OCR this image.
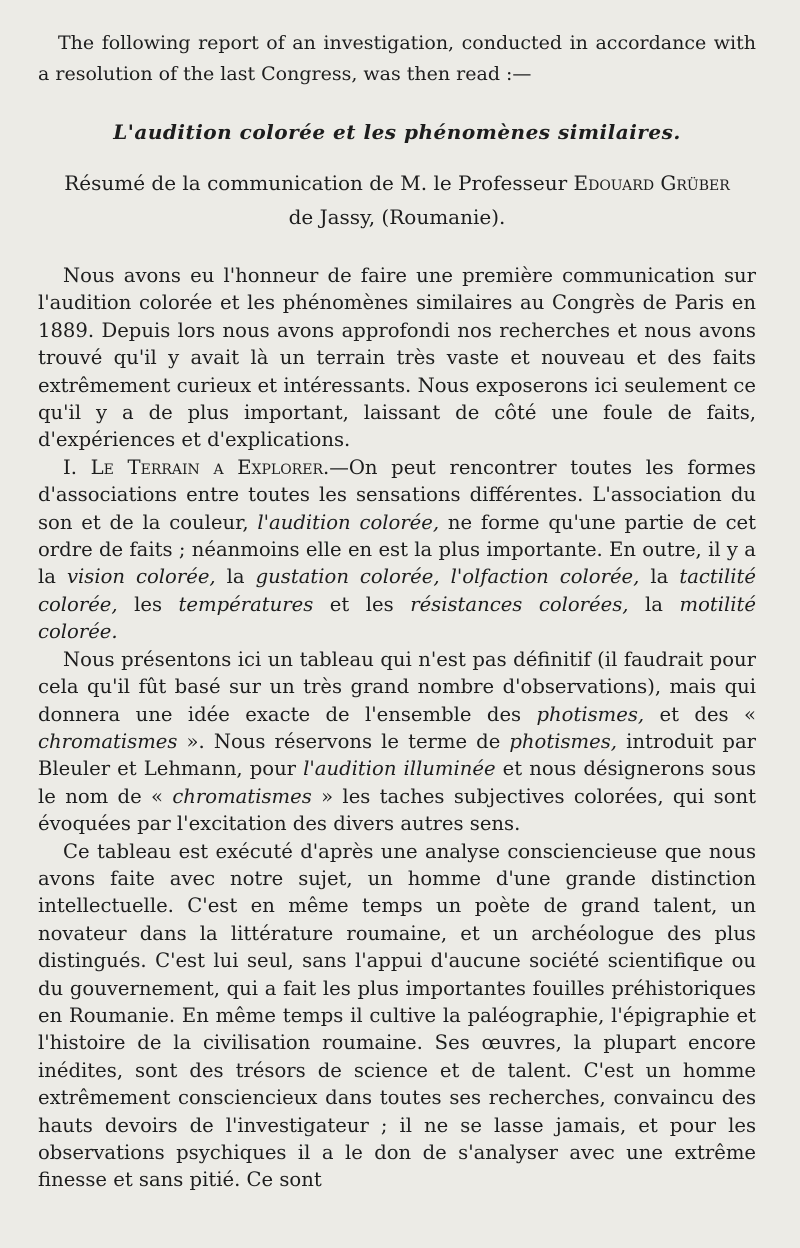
The following report of an investigation, conducted in accordance with a resolution of the last Congress, was then read :—

L'audition colorée et les phénomènes similaires.
Résumé de la communication de M. le Professeur Edouard Grüber
de Jassy, (Roumanie).

Nous avons eu l'honneur de faire une première communication sur l'audition colorée et les phénomènes similaires au Congrès de Paris en 1889. Depuis lors nous avons approfondi nos recherches et nous avons trouvé qu'il y avait là un terrain très vaste et nouveau et des faits extrêmement curieux et intéressants. Nous exposerons ici seulement ce qu'il y a de plus important, laissant de côté une foule de faits, d'expériences et d'explications.

I. Le Terrain a Explorer.—On peut rencontrer toutes les formes d'associations entre toutes les sensations différentes. L'association du son et de la couleur, l'audition colorée, ne forme qu'une partie de cet ordre de faits ; néanmoins elle en est la plus importante. En outre, il y a la vision colorée, la gustation colorée, l'olfaction colorée, la tactilité colorée, les températures et les résistances colorées, la motilité colorée.

Nous présentons ici un tableau qui n'est pas définitif (il faudrait pour cela qu'il fût basé sur un très grand nombre d'observations), mais qui donnera une idée exacte de l'ensemble des photismes, et des « chromatismes ». Nous réservons le terme de photismes, introduit par Bleuler et Lehmann, pour l'audition illuminée et nous désignerons sous le nom de « chromatismes » les taches subjectives colorées, qui sont évoquées par l'excitation des divers autres sens.

Ce tableau est exécuté d'après une analyse consciencieuse que nous avons faite avec notre sujet, un homme d'une grande distinction intellectuelle. C'est en même temps un poète de grand talent, un novateur dans la littérature roumaine, et un archéologue des plus distingués. C'est lui seul, sans l'appui d'aucune société scientifique ou du gouvernement, qui a fait les plus importantes fouilles préhistoriques en Roumanie. En même temps il cultive la paléographie, l'épigraphie et l'histoire de la civilisation roumaine. Ses œuvres, la plupart encore inédites, sont des trésors de science et de talent. C'est un homme extrêmement consciencieux dans toutes ses recherches, convaincu des hauts devoirs de l'investigateur ; il ne se lasse jamais, et pour les observations psychiques il a le don de s'analyser avec une extrême finesse et sans pitié. Ce sont
